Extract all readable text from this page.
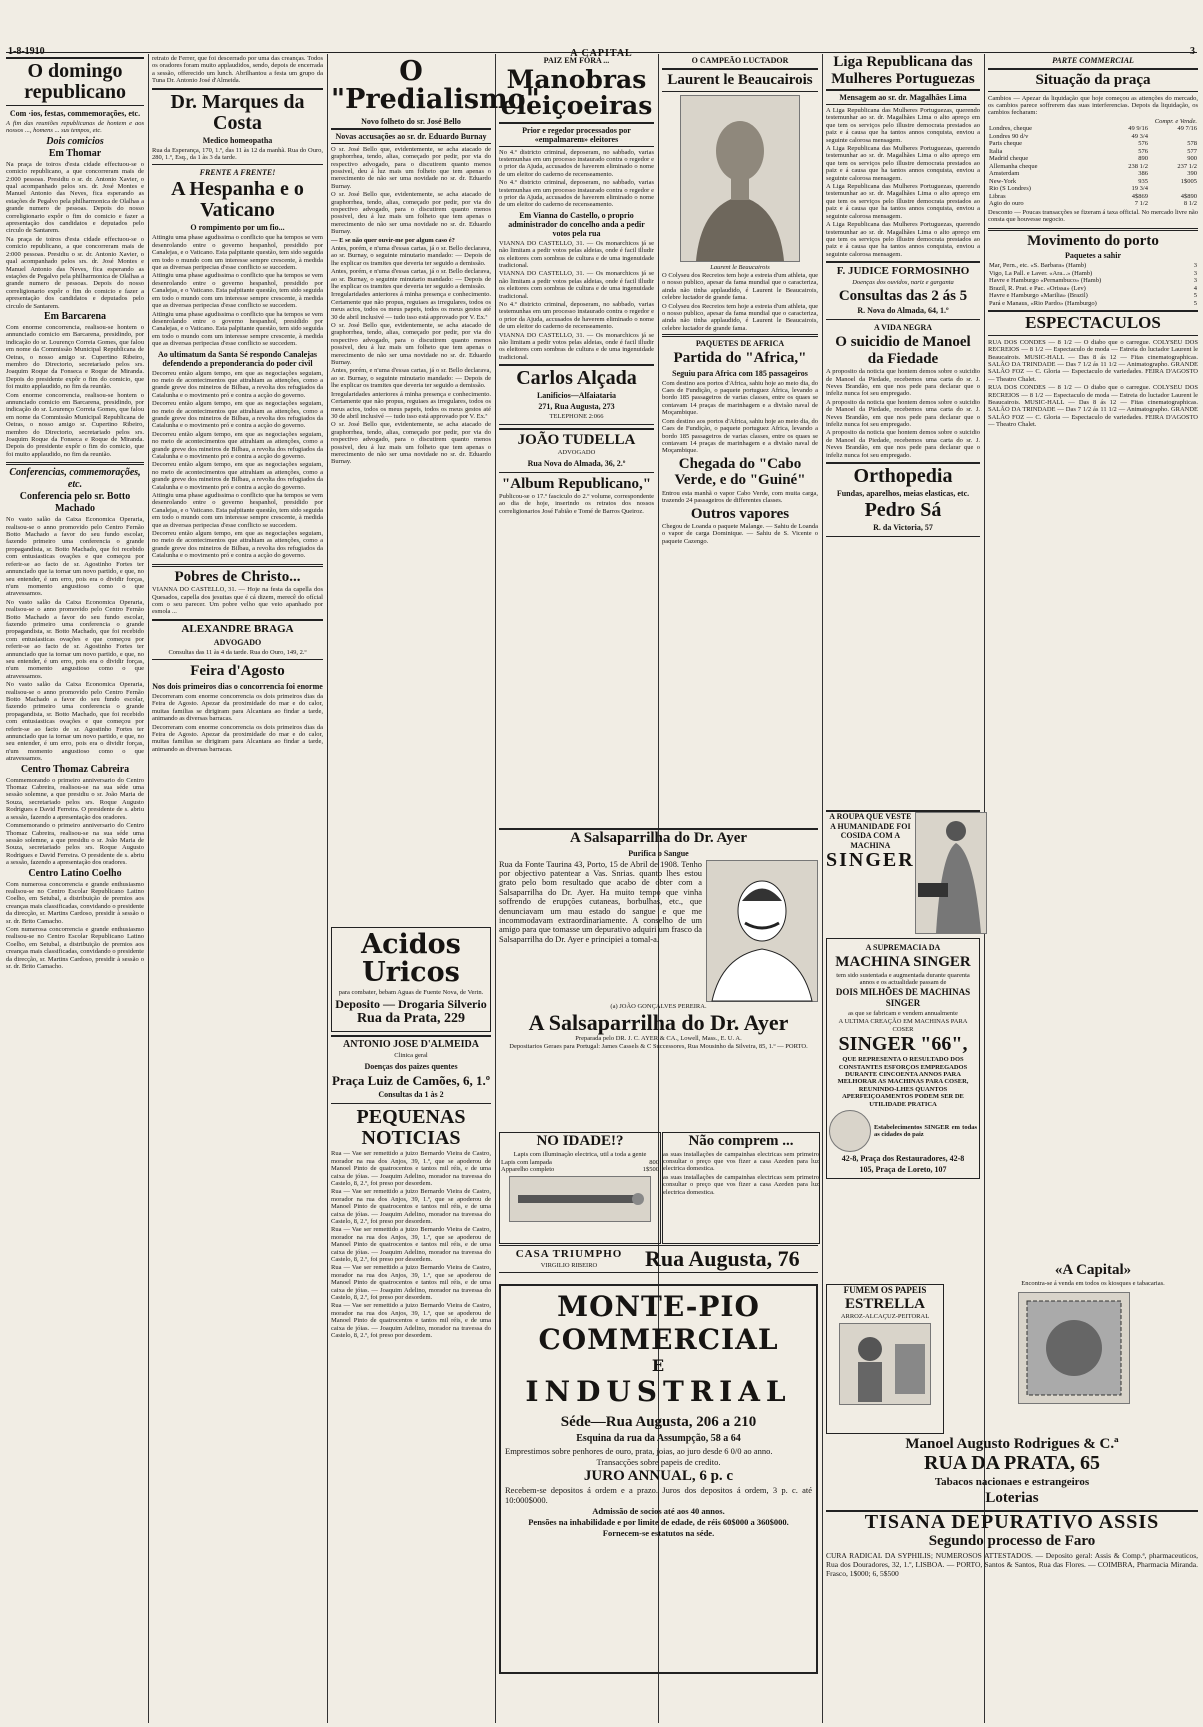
1-8-1910	A CAPITAL	3
O domingo republicano
Com ·ios, festas, commemorações, etc.

A fim das reuniões republicanas de hontem e aos nossos ..., homens ... sus tempos, etc.

Dois comicios
Em Thomar

Na praça de toiros d'esta cidade effectuou-se o comicio republicano, a que concorreram mais de 2:000 pessoas. Presidiu o sr. dr. Antonio Xavier, o qual acompanhado pelos srs. dr. José Montes e Manuel Antonio das Neves, fica esperando as estações de Pegalvo pela philharmonica de Olalhas a grande numero de pessoas. Depois do nosso correligionario expôr o fim do comicio e fazer a apresentação dos candidatos e deputados pelo circulo de Santarem.

Na praça de toiros d'esta cidade effectuou-se o comicio republicano, a que concorreram mais de 2:000 pessoas. Presidiu o sr. dr. Antonio Xavier, o qual acompanhado pelos srs. dr. José Montes e Manuel Antonio das Neves, fica esperando as estações de Pegalvo pela philharmonica de Olalhas a grande numero de pessoas. Depois do nosso correligionario expôr o fim do comicio e fazer a apresentação dos candidatos e deputados pelo circulo de Santarem.

Em Barcarena

Com enorme concorrencia, realisou-se hontem o annunciado comicio em Barcarena, presidindo, por indicação do sr. Lourenço Correia Gomes, que falou em nome da Commissão Municipal Republicana de Oeiras, o nosso amigo sr. Cupertino Ribeiro, membro do Directorio, secretariado pelos srs. Joaquim Roque da Fonseca e Roque de Miranda. Depois do presidente expôr o fim do comicio, que foi muito applaudido, no fim da reunião.

Com enorme concorrencia, realisou-se hontem o annunciado comicio em Barcarena, presidindo, por indicação do sr. Lourenço Correia Gomes, que falou em nome da Commissão Municipal Republicana de Oeiras, o nosso amigo sr. Cupertino Ribeiro, membro do Directorio, secretariado pelos srs. Joaquim Roque da Fonseca e Roque de Miranda. Depois do presidente expôr o fim do comicio, que foi muito applaudido, no fim da reunião.

Conferencias, commemorações, etc.
Conferencia pelo sr. Botto Machado

No vasto salão da Caixa Economica Operaria, realisou-se o anno promovido pelo Centro Fernão Botto Machado a favor do seu fundo escolar, fazendo primeiro uma conferencia o grande propagandista, sr. Botto Machado, que foi recebido com entusiasticas ovações e que começou por referir-se ao facto de sr. Agostinho Fortes ter annunciado que ia tornar um novo partido, e que, no seu entender, é um erro, pois era o dividir forças, n'um momento angustioso como o que atravessamos.

No vasto salão da Caixa Economica Operaria, realisou-se o anno promovido pelo Centro Fernão Botto Machado a favor do seu fundo escolar, fazendo primeiro uma conferencia o grande propagandista, sr. Botto Machado, que foi recebido com entusiasticas ovações e que começou por referir-se ao facto de sr. Agostinho Fortes ter annunciado que ia tornar um novo partido, e que, no seu entender, é um erro, pois era o dividir forças, n'um momento angustioso como o que atravessamos.

No vasto salão da Caixa Economica Operaria, realisou-se o anno promovido pelo Centro Fernão Botto Machado a favor do seu fundo escolar, fazendo primeiro uma conferencia o grande propagandista, sr. Botto Machado, que foi recebido com entusiasticas ovações e que começou por referir-se ao facto de sr. Agostinho Fortes ter annunciado que ia tornar um novo partido, e que, no seu entender, é um erro, pois era o dividir forças, n'um momento angustioso como o que atravessamos.

Centro Thomaz Cabreira

Commemorando o primeiro anniversario do Centro Thomaz Cabreira, realisou-se na sua séde uma sessão solemne, a que presidiu o sr. João Maria de Souza, secretariado pelos srs. Roque Augusto Rodrigues e David Ferreira. O presidente de s. abriu a sessão, fazendo a apresentação dos oradores.

Commemorando o primeiro anniversario do Centro Thomaz Cabreira, realisou-se na sua séde uma sessão solemne, a que presidiu o sr. João Maria de Souza, secretariado pelos srs. Roque Augusto Rodrigues e David Ferreira. O presidente de s. abriu a sessão, fazendo a apresentação dos oradores.

Centro Latino Coelho

Com numerosa concorrencia e grande enthusiasmo realisou-se no Centro Escolar Republicano Latino Coelho, em Setubal, a distribuição de premios aos creanças mais classificadas, convidando o presidente da direcção, sr. Martins Cardoso, presidir à sessão o sr. dr. Brito Camacho.

Com numerosa concorrencia e grande enthusiasmo realisou-se no Centro Escolar Republicano Latino Coelho, em Setubal, a distribuição de premios aos creanças mais classificadas, convidando o presidente da direcção, sr. Martins Cardoso, presidir à sessão o sr. dr. Brito Camacho.

retrato de Ferrer, que foi descerrado por uma das creanças. Todos os oradores foram muito applaudidos, sendo, depois de encerrada a sessão, offerecido um lunch. Abrilhantou a festa um grupo da Tuna Dr. Antonio José d'Almeida.

Dr. Marques da Costa
Medico homeopatha

Rua da Esperança, 170, 1.º, das 11 às 12 da manhã. Rua do Ouro, 280, 1.º, Esq., da 1 às 3 da tarde.

FRENTE A FRENTE!
A Hespanha e o Vaticano
O rompimento por um fio...

Attingiu uma phase agudissima o conflicto que ha tempos se vem desenrolando entre o governo hespanhol, presidido por Canalejas, e o Vaticano. Esta palpitante questão, tem sido seguida em todo o mundo com um interesse sempre crescente, à medida que as diversas peripecias d'esse conflicto se succedem.

Attingiu uma phase agudissima o conflicto que ha tempos se vem desenrolando entre o governo hespanhol, presidido por Canalejas, e o Vaticano. Esta palpitante questão, tem sido seguida em todo o mundo com um interesse sempre crescente, à medida que as diversas peripecias d'esse conflicto se succedem.

Attingiu uma phase agudissima o conflicto que ha tempos se vem desenrolando entre o governo hespanhol, presidido por Canalejas, e o Vaticano. Esta palpitante questão, tem sido seguida em todo o mundo com um interesse sempre crescente, à medida que as diversas peripecias d'esse conflicto se succedem.

Ao ultimatum da Santa Sé respondo Canalejas defendendo a preponderancia do poder civil

Decorreu então algum tempo, em que as negociações seguiam, no meio de acontecimentos que attrahiam as attenções, como a grande greve dos mineiros de Bilbau, a revolta dos refugiados da Catalunha e o movimento pró e contra a acção do governo.

Decorreu então algum tempo, em que as negociações seguiam, no meio de acontecimentos que attrahiam as attenções, como a grande greve dos mineiros de Bilbau, a revolta dos refugiados da Catalunha e o movimento pró e contra a acção do governo.

Decorreu então algum tempo, em que as negociações seguiam, no meio de acontecimentos que attrahiam as attenções, como a grande greve dos mineiros de Bilbau, a revolta dos refugiados da Catalunha e o movimento pró e contra a acção do governo.

Decorreu então algum tempo, em que as negociações seguiam, no meio de acontecimentos que attrahiam as attenções, como a grande greve dos mineiros de Bilbau, a revolta dos refugiados da Catalunha e o movimento pró e contra a acção do governo.

Attingiu uma phase agudissima o conflicto que ha tempos se vem desenrolando entre o governo hespanhol, presidido por Canalejas, e o Vaticano. Esta palpitante questão, tem sido seguida em todo o mundo com um interesse sempre crescente, à medida que as diversas peripecias d'esse conflicto se succedem.

Decorreu então algum tempo, em que as negociações seguiam, no meio de acontecimentos que attrahiam as attenções, como a grande greve dos mineiros de Bilbau, a revolta dos refugiados da Catalunha e o movimento pró e contra a acção do governo.

Pobres de Christo...

VIANNA DO CASTELLO, 31. — Hoje na festa da capella dos Quesados, capella dos jesuitas que é cá dizem, merecê do ofícial com o seu parecer. Um pobre velho que veio apanhado por esmola ...

ALEXANDRE BRAGA
ADVOGADO

Consultas das 11 às 4 da tarde. Rua do Ouro, 149, 2.º

Feira d'Agosto
Nos dois primeiros dias o concorrencia foi enorme

Decorreram com enorme concorrencia os dois primeiros dias da Feira de Agosto. Apezar da proximidade do mar e do calor, muitas familias se dirigiram para Alcantara ao findar a tarde, animando as diversas barracas.

Decorreram com enorme concorrencia os dois primeiros dias da Feira de Agosto. Apezar da proximidade do mar e do calor, muitas familias se dirigiram para Alcantara ao findar a tarde, animando as diversas barracas.

O "Predialismo"
Novo folheto do sr. José Bello
Novas accusações ao sr. dr. Eduardo Burnay

O sr. José Bello que, evidentemente, se acha atacado de graphorrhea, tendo, alias, começado por pedir, por via do respectivo advogado, para o discutirem quanto menos possivel, deu á luz mais um folheto que tem apenas o merecimento de não ser uma novidade no sr. dr. Eduardo Burnay.

O sr. José Bello que, evidentemente, se acha atacado de graphorrhea, tendo, alias, começado por pedir, por via do respectivo advogado, para o discutirem quanto menos possivel, deu á luz mais um folheto que tem apenas o merecimento de não ser uma novidade no sr. dr. Eduardo Burnay.

— E se não quer ouvir-me por algum caso é?

Antes, porém, e n'uma d'essas cartas, já o sr. Bello declarava, ao sr. Burnay, o seguinte minutario mandado: — Depois de lhe explicar os tramites que deveria ter seguido a demissão.

Antes, porém, e n'uma d'essas cartas, já o sr. Bello declarava, ao sr. Burnay, o seguinte minutario mandado: — Depois de lhe explicar os tramites que deveria ter seguido a demissão.

Irregularidades anteriores á minha presença e conhecimento. Certamente que não propus, reguiaes as irregulares, todos os meus actos, todos os meus papeis, todos os meus gestos até 30 de abril inclusivé — tudo isso está approvado por V. Ex.ª

O sr. José Bello que, evidentemente, se acha atacado de graphorrhea, tendo, alias, começado por pedir, por via do respectivo advogado, para o discutirem quanto menos possivel, deu á luz mais um folheto que tem apenas o merecimento de não ser uma novidade no sr. dr. Eduardo Burnay.

Antes, porém, e n'uma d'essas cartas, já o sr. Bello declarava, ao sr. Burnay, o seguinte minutario mandado: — Depois de lhe explicar os tramites que deveria ter seguido a demissão.

Irregularidades anteriores á minha presença e conhecimento. Certamente que não propus, reguiaes as irregulares, todos os meus actos, todos os meus papeis, todos os meus gestos até 30 de abril inclusivé — tudo isso está approvado por V. Ex.ª

O sr. José Bello que, evidentemente, se acha atacado de graphorrhea, tendo, alias, começado por pedir, por via do respectivo advogado, para o discutirem quanto menos possivel, deu á luz mais um folheto que tem apenas o merecimento de não ser uma novidade no sr. dr. Eduardo Burnay.

Acidos Uricos

para combater, bebam Aguas de Fuente Nova, de Verin.

Deposito — Drogaria Silverio
Rua da Prata, 229
ANTONIO JOSE D'ALMEIDA
Clinica geral
Doenças dos paizes quentes
Praça Luiz de Camões, 6, 1.º
Consultas da 1 às 2
PEQUENAS NOTICIAS

Rua — Vae ser remettido a juizo Bernardo Vieira de Castro, morador na rua dos Anjos, 39, 1.º, que se apoderou de Manoel Pinto de quatrocentos e tantos mil réis, e de uma caixa de jóias. — Joaquim Adelino, morador na travessa do Castelo, 8, 2.º, foi preso por desordem.

Rua — Vae ser remettido a juizo Bernardo Vieira de Castro, morador na rua dos Anjos, 39, 1.º, que se apoderou de Manoel Pinto de quatrocentos e tantos mil réis, e de uma caixa de jóias. — Joaquim Adelino, morador na travessa do Castelo, 8, 2.º, foi preso por desordem.

Rua — Vae ser remettido a juizo Bernardo Vieira de Castro, morador na rua dos Anjos, 39, 1.º, que se apoderou de Manoel Pinto de quatrocentos e tantos mil réis, e de uma caixa de jóias. — Joaquim Adelino, morador na travessa do Castelo, 8, 2.º, foi preso por desordem.

Rua — Vae ser remettido a juizo Bernardo Vieira de Castro, morador na rua dos Anjos, 39, 1.º, que se apoderou de Manoel Pinto de quatrocentos e tantos mil réis, e de uma caixa de jóias. — Joaquim Adelino, morador na travessa do Castelo, 8, 2.º, foi preso por desordem.

Rua — Vae ser remettido a juizo Bernardo Vieira de Castro, morador na rua dos Anjos, 39, 1.º, que se apoderou de Manoel Pinto de quatrocentos e tantos mil réis, e de uma caixa de jóias. — Joaquim Adelino, morador na travessa do Castelo, 8, 2.º, foi preso por desordem.

PAIZ EM FÓRA ...
Manobras eleiçoeiras
Prior e regedor processados por «empalmarem» eleitores

No 4.º districto criminal, deposeram, no sabbado, varias testemunhas em um processo instaurado contra o regedor e o prior da Ajuda, accusados de haverem eliminado o nome de um eleitor do caderno de recenseamento.

No 4.º districto criminal, deposeram, no sabbado, varias testemunhas em um processo instaurado contra o regedor e o prior da Ajuda, accusados de haverem eliminado o nome de um eleitor do caderno de recenseamento.

Em Vianna do Castello, o proprio administrador do concelho anda a pedir votos pela rua

VIANNA DO CASTELLO, 31. — Os monarchicos já se não limitam a pedir votos pelas aldeias, onde é facil illudir os eleitores com sombras de cultura e de uma ingenuidade tradicional.

VIANNA DO CASTELLO, 31. — Os monarchicos já se não limitam a pedir votos pelas aldeias, onde é facil illudir os eleitores com sombras de cultura e de uma ingenuidade tradicional.

No 4.º districto criminal, deposeram, no sabbado, varias testemunhas em um processo instaurado contra o regedor e o prior da Ajuda, accusados de haverem eliminado o nome de um eleitor do caderno de recenseamento.

VIANNA DO CASTELLO, 31. — Os monarchicos já se não limitam a pedir votos pelas aldeias, onde é facil illudir os eleitores com sombras de cultura e de uma ingenuidade tradicional.

Carlos Alçada
Lanificios—Alfaiataria
271, Rua Augusta, 273
TELEPHONE 2:066
JOÃO TUDELLA
ADVOGADO
Rua Nova do Almada, 36, 2.º
"Album Republicano,"

Publicou-se o 17.º fasciculo do 2.º volume, correspondente ao dia de hoje, inserindo os retratos dos nossos correligionarios José Fabião e Tomé de Barros Queiroz.

O CAMPEÃO LUCTADOR
Laurent le Beaucairois
Laurent le Beaucairois

O Colyseu dos Recreios tem hoje a estreia d'um athleta, que o nosso publico, apesar da fama mundial que o caracteriza, ainda não tinha applaudido, é Laurent le Beaucairois, celebre luctador de grande fama.

O Colyseu dos Recreios tem hoje a estreia d'um athleta, que o nosso publico, apesar da fama mundial que o caracteriza, ainda não tinha applaudido, é Laurent le Beaucairois, celebre luctador de grande fama.

PAQUETES DE AFRICA
Partida do "Africa,"
Seguiu para Africa com 185 passageiros

Com destino aos portos d'Africa, sahiu hoje ao meio dia, do Caes de Fundição, o paquete portuguez Africa, levando a bordo 185 passageiros de varias classes, entre os quaes se contavam 14 praças de marinhagem e a divisão naval de Moçambique.

Com destino aos portos d'Africa, sahiu hoje ao meio dia, do Caes de Fundição, o paquete portuguez Africa, levando a bordo 185 passageiros de varias classes, entre os quaes se contavam 14 praças de marinhagem e a divisão naval de Moçambique.

Chegada do "Cabo Verde, e do "Guiné"

Entrou esta manhã o vapor Cabo Verde, com muita carga, trazendo 24 passageiros de differentes classes.

Outros vapores

Chegou de Loanda o paquete Malange. — Sahiu de Loanda o vapor de carga Dominique. — Sahiu de S. Vicente o paquete Cazengo.

Liga Republicana das Mulheres Portuguezas
Mensagem ao sr. dr. Magalhães Lima

A Liga Republicana das Mulheres Portuguezas, querendo testemunhar ao sr. dr. Magalhães Lima o alto apreço em que tem os serviços pelo illustre democrata prestados ao paiz e á causa que ha tantos annos conquista, enviou a seguinte calorosa mensagem.

A Liga Republicana das Mulheres Portuguezas, querendo testemunhar ao sr. dr. Magalhães Lima o alto apreço em que tem os serviços pelo illustre democrata prestados ao paiz e á causa que ha tantos annos conquista, enviou a seguinte calorosa mensagem.

A Liga Republicana das Mulheres Portuguezas, querendo testemunhar ao sr. dr. Magalhães Lima o alto apreço em que tem os serviços pelo illustre democrata prestados ao paiz e á causa que ha tantos annos conquista, enviou a seguinte calorosa mensagem.

A Liga Republicana das Mulheres Portuguezas, querendo testemunhar ao sr. dr. Magalhães Lima o alto apreço em que tem os serviços pelo illustre democrata prestados ao paiz e á causa que ha tantos annos conquista, enviou a seguinte calorosa mensagem.

F. JUDICE FORMOSINHO
Doenças dos ouvidos, nariz e garganta
Consultas das 2 ás 5
R. Nova do Almada, 64, 1.º
A VIDA NEGRA
O suicidio de Manoel da Fiedade

A proposito da noticia que hontem demos sobre o suicidio de Manoel da Piedade, recebemos uma carta do sr. J. Neves Brandão, em que nos pede para declarar que o infeliz nunca foi seu empregado.

A proposito da noticia que hontem demos sobre o suicidio de Manoel da Piedade, recebemos uma carta do sr. J. Neves Brandão, em que nos pede para declarar que o infeliz nunca foi seu empregado.

A proposito da noticia que hontem demos sobre o suicidio de Manoel da Piedade, recebemos uma carta do sr. J. Neves Brandão, em que nos pede para declarar que o infeliz nunca foi seu empregado.

Orthopedia
Fundas, aparelhos, meias elasticas, etc.
Pedro Sá
R. da Victoria, 57
PARTE COMMERCIAL
Situação da praça

Cambios — Apezar da liquidação que hoje começou as attenções do mercado, os cambios parece soffrerem das suas interferencias. Depois da liquidação, os cambios fecharam:

	Compr. e Vende.	
Londres, cheque	49 9/16	49 7/16
Londres 90 d/v	49 3/4	
Paris cheque	576	578
Italia	576	577
Madrid cheque	890	900
Allemanha cheque	238 1/2	237 1/2
Amsterdam	386	390
New-York	935	1$005
Rio (S Londres)	19 3/4	
Libras	4$869	4$890
Agio do ouro	7 1/2	8 1/2

Desconto — Poucas transacções se fizeram á taxa official. No mercado livre não consta que houvesse negocio.

Movimento do porto
Paquetes a sahir
Mar, Pern., etc. «S. Barbara» (Hamb)	3
Vigo, La Pall. e Laver. «Ara...» (Hamb)	3
Havre e Hamburgo «Pernambuco» (Hamb)	3
Brazil, R. Prat. e Pac. «Orissa» (Lev)	4
Havre e Hamburgo «Marilia» (Brazil)	5
Pará e Manaus, «Rio Pardo» (Hamburgo)	5
ESPECTACULOS

RUA DOS CONDES — 8 1/2 — O diabo que o carregue. COLYSEU DOS RECREIOS — 8 1/2 — Espectaculo de moda — Estreia do luctador Laurent le Beaucairois. MUSIC-HALL — Das 8 ás 12 — Fitas cinematographicas. SALÃO DA TRINDADE — Das 7 1/2 ás 11 1/2 — Animatographo. GRANDE SALÃO FOZ — C. Gloria — Espectaculo de variedades. FEIRA D'AGOSTO — Theatro Chalet.

RUA DOS CONDES — 8 1/2 — O diabo que o carregue. COLYSEU DOS RECREIOS — 8 1/2 — Espectaculo de moda — Estreia do luctador Laurent le Beaucairois. MUSIC-HALL — Das 8 ás 12 — Fitas cinematographicas. SALÃO DA TRINDADE — Das 7 1/2 ás 11 1/2 — Animatographo. GRANDE SALÃO FOZ — C. Gloria — Espectaculo de variedades. FEIRA D'AGOSTO — Theatro Chalet.

A Salsaparrilha do Dr. Ayer
Purifica o Sangue

Rua da Fonte Taurina 43, Porto, 15 de Abril de 1908. Tenho por objectivo patentear a Vas. Snrias. quanto lhes estou grato pelo bom resultado que acabo de obter com a Salsaparrilha do Dr. Ayer. Ha muito tempo que vinha soffrendo de erupções cutaneas, borbulhas, etc., que denunciavam um mau estado do sangue e que me incommodavam extraordinariamente. A conselho de um amigo para que tomasse um depurativo adquiri um frasco da Salsaparrilha do Dr. Ayer e principiei a tomal-a.

(a) JOÃO GONÇALVES PEREIRA.
A Salsaparrilha do Dr. Ayer
Preparada pelo DR. J. C. AYER & CA., Lowell, Mass., E. U. A.
Depositarios Geraes para Portugal: James Cassels & C Successores, Rua Mousinho da Silveira, 85, 1.º — PORTO.
NO IDADE!?
Lapis com illuminação electrica, util a toda a gente
Lapis com lampada	800
Apparelho completo	1$500
Não comprem ...

as suas installações de campainhas electricas sem primeiro consultar o preço que vos fizer a casa Azeden para luz electrica domestica.

as suas installações de campainhas electricas sem primeiro consultar o preço que vos fizer a casa Azeden para luz electrica domestica.

CASA TRIUMPHO
VIRGILIO RIBEIRO	Rua Augusta, 76
A ROUPA QUE VESTE A HUMANIDADE FOI COSIDA COM A MACHINA
SINGER
A SUPREMACIA DA
MACHINA SINGER
tem sido sustentada e augmentada durante quarenta annos e os actualidade passam de
DOIS MILHÕES DE MACHINAS SINGER
as que se fabricam e vendem annualmente
A ULTIMA CREAÇÃO EM MACHINAS PARA COSER
SINGER "66",
QUE REPRESENTA O RESULTADO DOS CONSTANTES ESFORÇOS EMPREGADOS DURANTE CINCOENTA ANNOS PARA MELHORAR AS MACHINAS PARA COSER, REUNINDO-LHES QUANTOS APERFEIÇOAMENTOS PODEM SER DE UTILIDADE PRATICA
Estabelecimentos SINGER em todas as cidades do paiz
42-8, Praça dos Restauradores, 42-8
105, Praça de Loreto, 107
«A Capital»
Encontra-se á venda em todos os kiosques e tabacarias.
MONTE-PIO COMMERCIAL
E
INDUSTRIAL
Séde—Rua Augusta, 206 a 210
Esquina da rua da Assumpção, 58 a 64

Emprestimos sobre penhores de ouro, prata, joias, ao juro desde 6 0/0 ao anno.

Transacções sobre papeis de credito.

JURO ANNUAL, 6 p. c

Recebem-se depositos á ordem e a prazo. Juros dos depositos á ordem, 3 p. c. até 10:000$000.

Admissão de socios até aos 40 annos.

Pensões na inhabilidade e por limite de edade, de réis 60$000 a 360$000.

Fornecem-se estatutos na séde.

FUMEM OS PAPEIS
ESTRELLA
ARROZ-ALCAÇUZ-PEITORAL
Manoel Augusto Rodrigues & C.ª
RUA DA PRATA, 65
Tabacos nacionaes e estrangeiros
Loterias
TISANA DEPURATIVO ASSIS
Segundo processo de Faro

CURA RADICAL DA SYPHILIS; NUMEROSOS ATTESTADOS. — Deposito geral: Assis & Comp.ª, pharmaceuticos, Rua dos Douradores, 32, 1.º, LISBOA. — PORTO, Santos & Santos, Rua das Flores. — COIMBRA, Pharmacia Miranda. Frasco, 1$000; 6, 5$500
